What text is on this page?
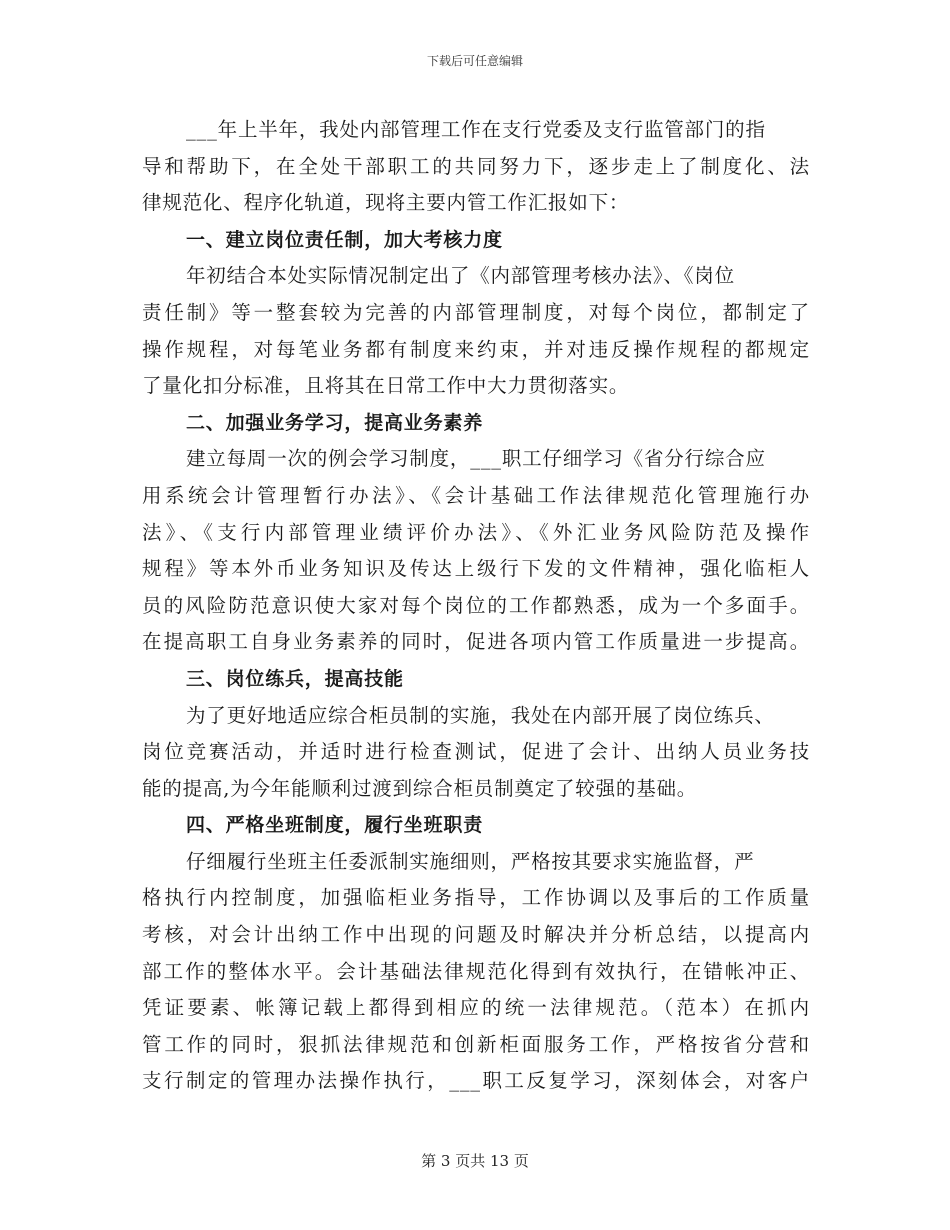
下载后可任意编辑
___年上半年，我处内部管理工作在支行党委及支行监管部门的指
导和帮助下，在全处干部职工的共同努力下，逐步走上了制度化、法
律规范化、程序化轨道，现将主要内管工作汇报如下：
一、建立岗位责任制，加大考核力度
年初结合本处实际情况制定出了《内部管理考核办法》、《岗位
责任制》等一整套较为完善的内部管理制度，对每个岗位，都制定了
操作规程，对每笔业务都有制度来约束，并对违反操作规程的都规定
了量化扣分标准，且将其在日常工作中大力贯彻落实。
二、加强业务学习，提高业务素养
建立每周一次的例会学习制度，___职工仔细学习《省分行综合应
用系统会计管理暂行办法》、《会计基础工作法律规范化管理施行办
法》、《支行内部管理业绩评价办法》、《外汇业务风险防范及操作
规程》等本外币业务知识及传达上级行下发的文件精神，强化临柜人
员的风险防范意识使大家对每个岗位的工作都熟悉，成为一个多面手。
在提高职工自身业务素养的同时，促进各项内管工作质量进一步提高。
三、岗位练兵，提高技能
为了更好地适应综合柜员制的实施，我处在内部开展了岗位练兵、
岗位竞赛活动，并适时进行检查测试，促进了会计、出纳人员业务技
能的提高,为今年能顺利过渡到综合柜员制奠定了较强的基础。
四、严格坐班制度，履行坐班职责
仔细履行坐班主任委派制实施细则，严格按其要求实施监督，严
格执行内控制度，加强临柜业务指导，工作协调以及事后的工作质量
考核，对会计出纳工作中出现的问题及时解决并分析总结，以提高内
部工作的整体水平。会计基础法律规范化得到有效执行，在错帐冲正、
凭证要素、帐簿记载上都得到相应的统一法律规范。（范本）在抓内
管工作的同时，狠抓法律规范和创新柜面服务工作，严格按省分营和
支行制定的管理办法操作执行，___职工反复学习，深刻体会，对客户
第 3 页共 13 页
